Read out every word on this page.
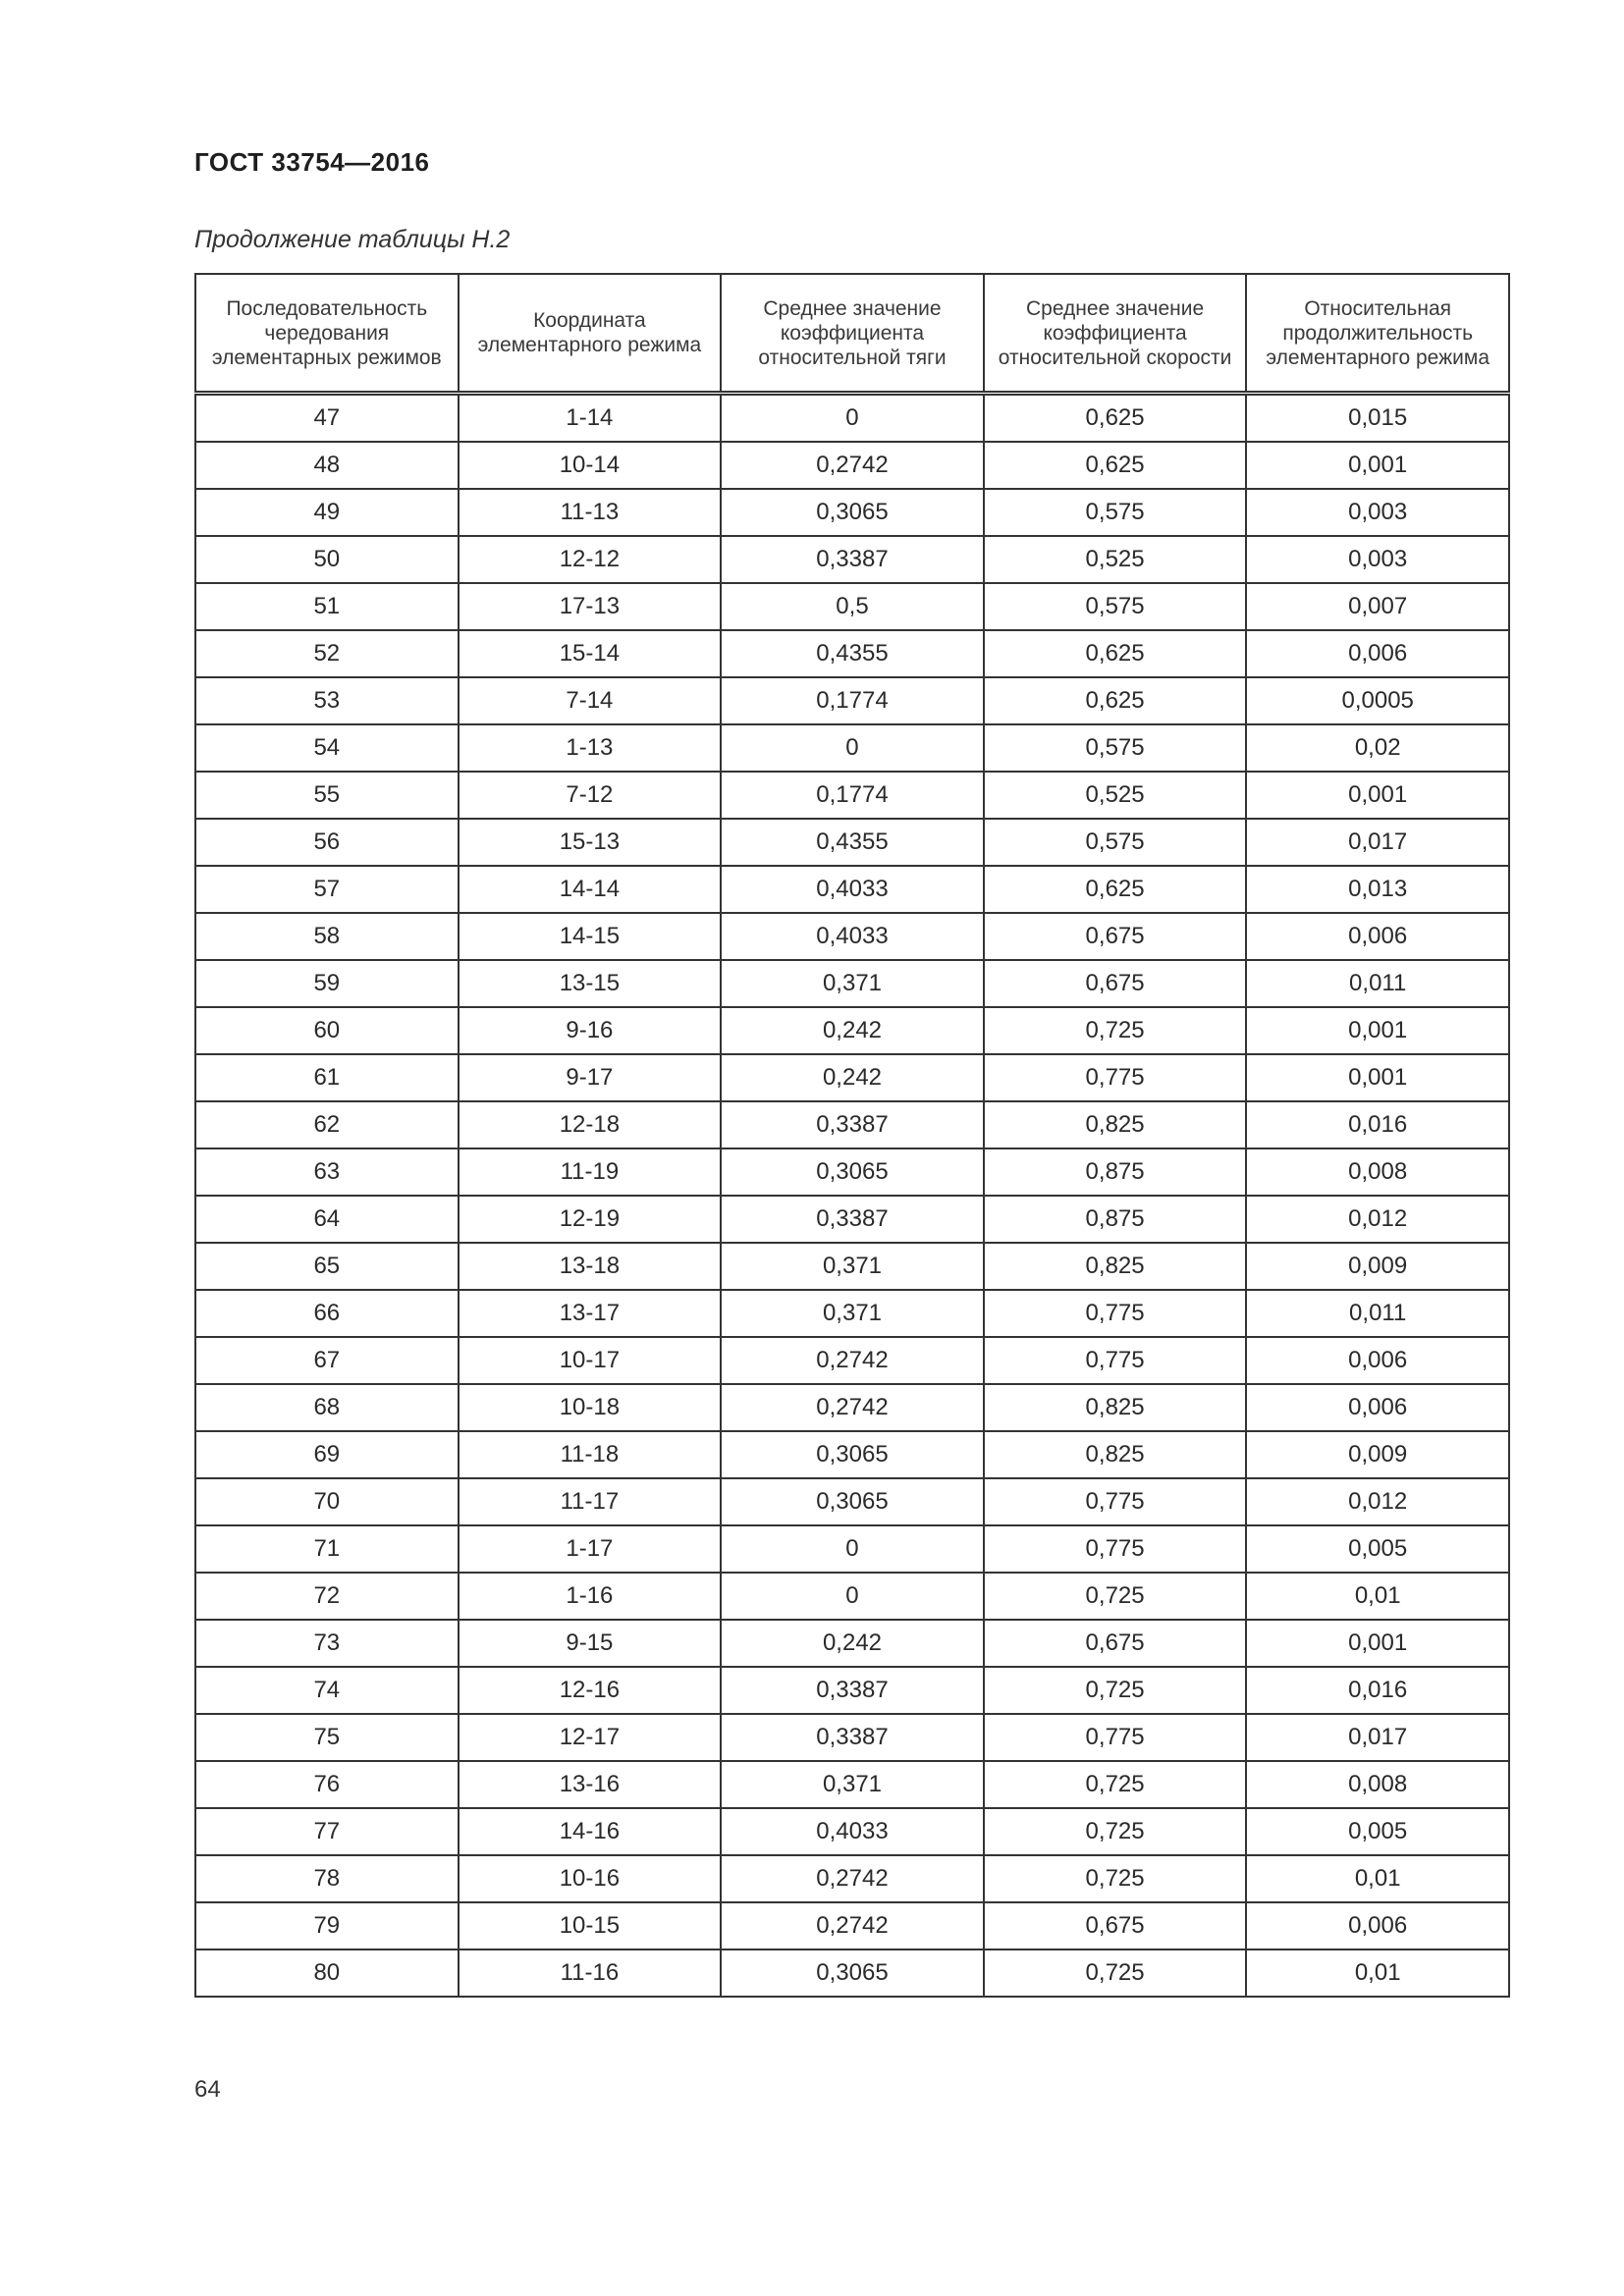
ГОСТ 33754—2016
Продолжение таблицы Н.2
Последовательность чередования элементарных режимов	Координата элементарного режима	Среднее значение коэффициента относительной тяги	Среднее значение коэффициента относительной скорости	Относительная продолжительность элементарного режима
47	1-14	0	0,625	0,015
48	10-14	0,2742	0,625	0,001
49	11-13	0,3065	0,575	0,003
50	12-12	0,3387	0,525	0,003
51	17-13	0,5	0,575	0,007
52	15-14	0,4355	0,625	0,006
53	7-14	0,1774	0,625	0,0005
54	1-13	0	0,575	0,02
55	7-12	0,1774	0,525	0,001
56	15-13	0,4355	0,575	0,017
57	14-14	0,4033	0,625	0,013
58	14-15	0,4033	0,675	0,006
59	13-15	0,371	0,675	0,011
60	9-16	0,242	0,725	0,001
61	9-17	0,242	0,775	0,001
62	12-18	0,3387	0,825	0,016
63	11-19	0,3065	0,875	0,008
64	12-19	0,3387	0,875	0,012
65	13-18	0,371	0,825	0,009
66	13-17	0,371	0,775	0,011
67	10-17	0,2742	0,775	0,006
68	10-18	0,2742	0,825	0,006
69	11-18	0,3065	0,825	0,009
70	11-17	0,3065	0,775	0,012
71	1-17	0	0,775	0,005
72	1-16	0	0,725	0,01
73	9-15	0,242	0,675	0,001
74	12-16	0,3387	0,725	0,016
75	12-17	0,3387	0,775	0,017
76	13-16	0,371	0,725	0,008
77	14-16	0,4033	0,725	0,005
78	10-16	0,2742	0,725	0,01
79	10-15	0,2742	0,675	0,006
80	11-16	0,3065	0,725	0,01
64
